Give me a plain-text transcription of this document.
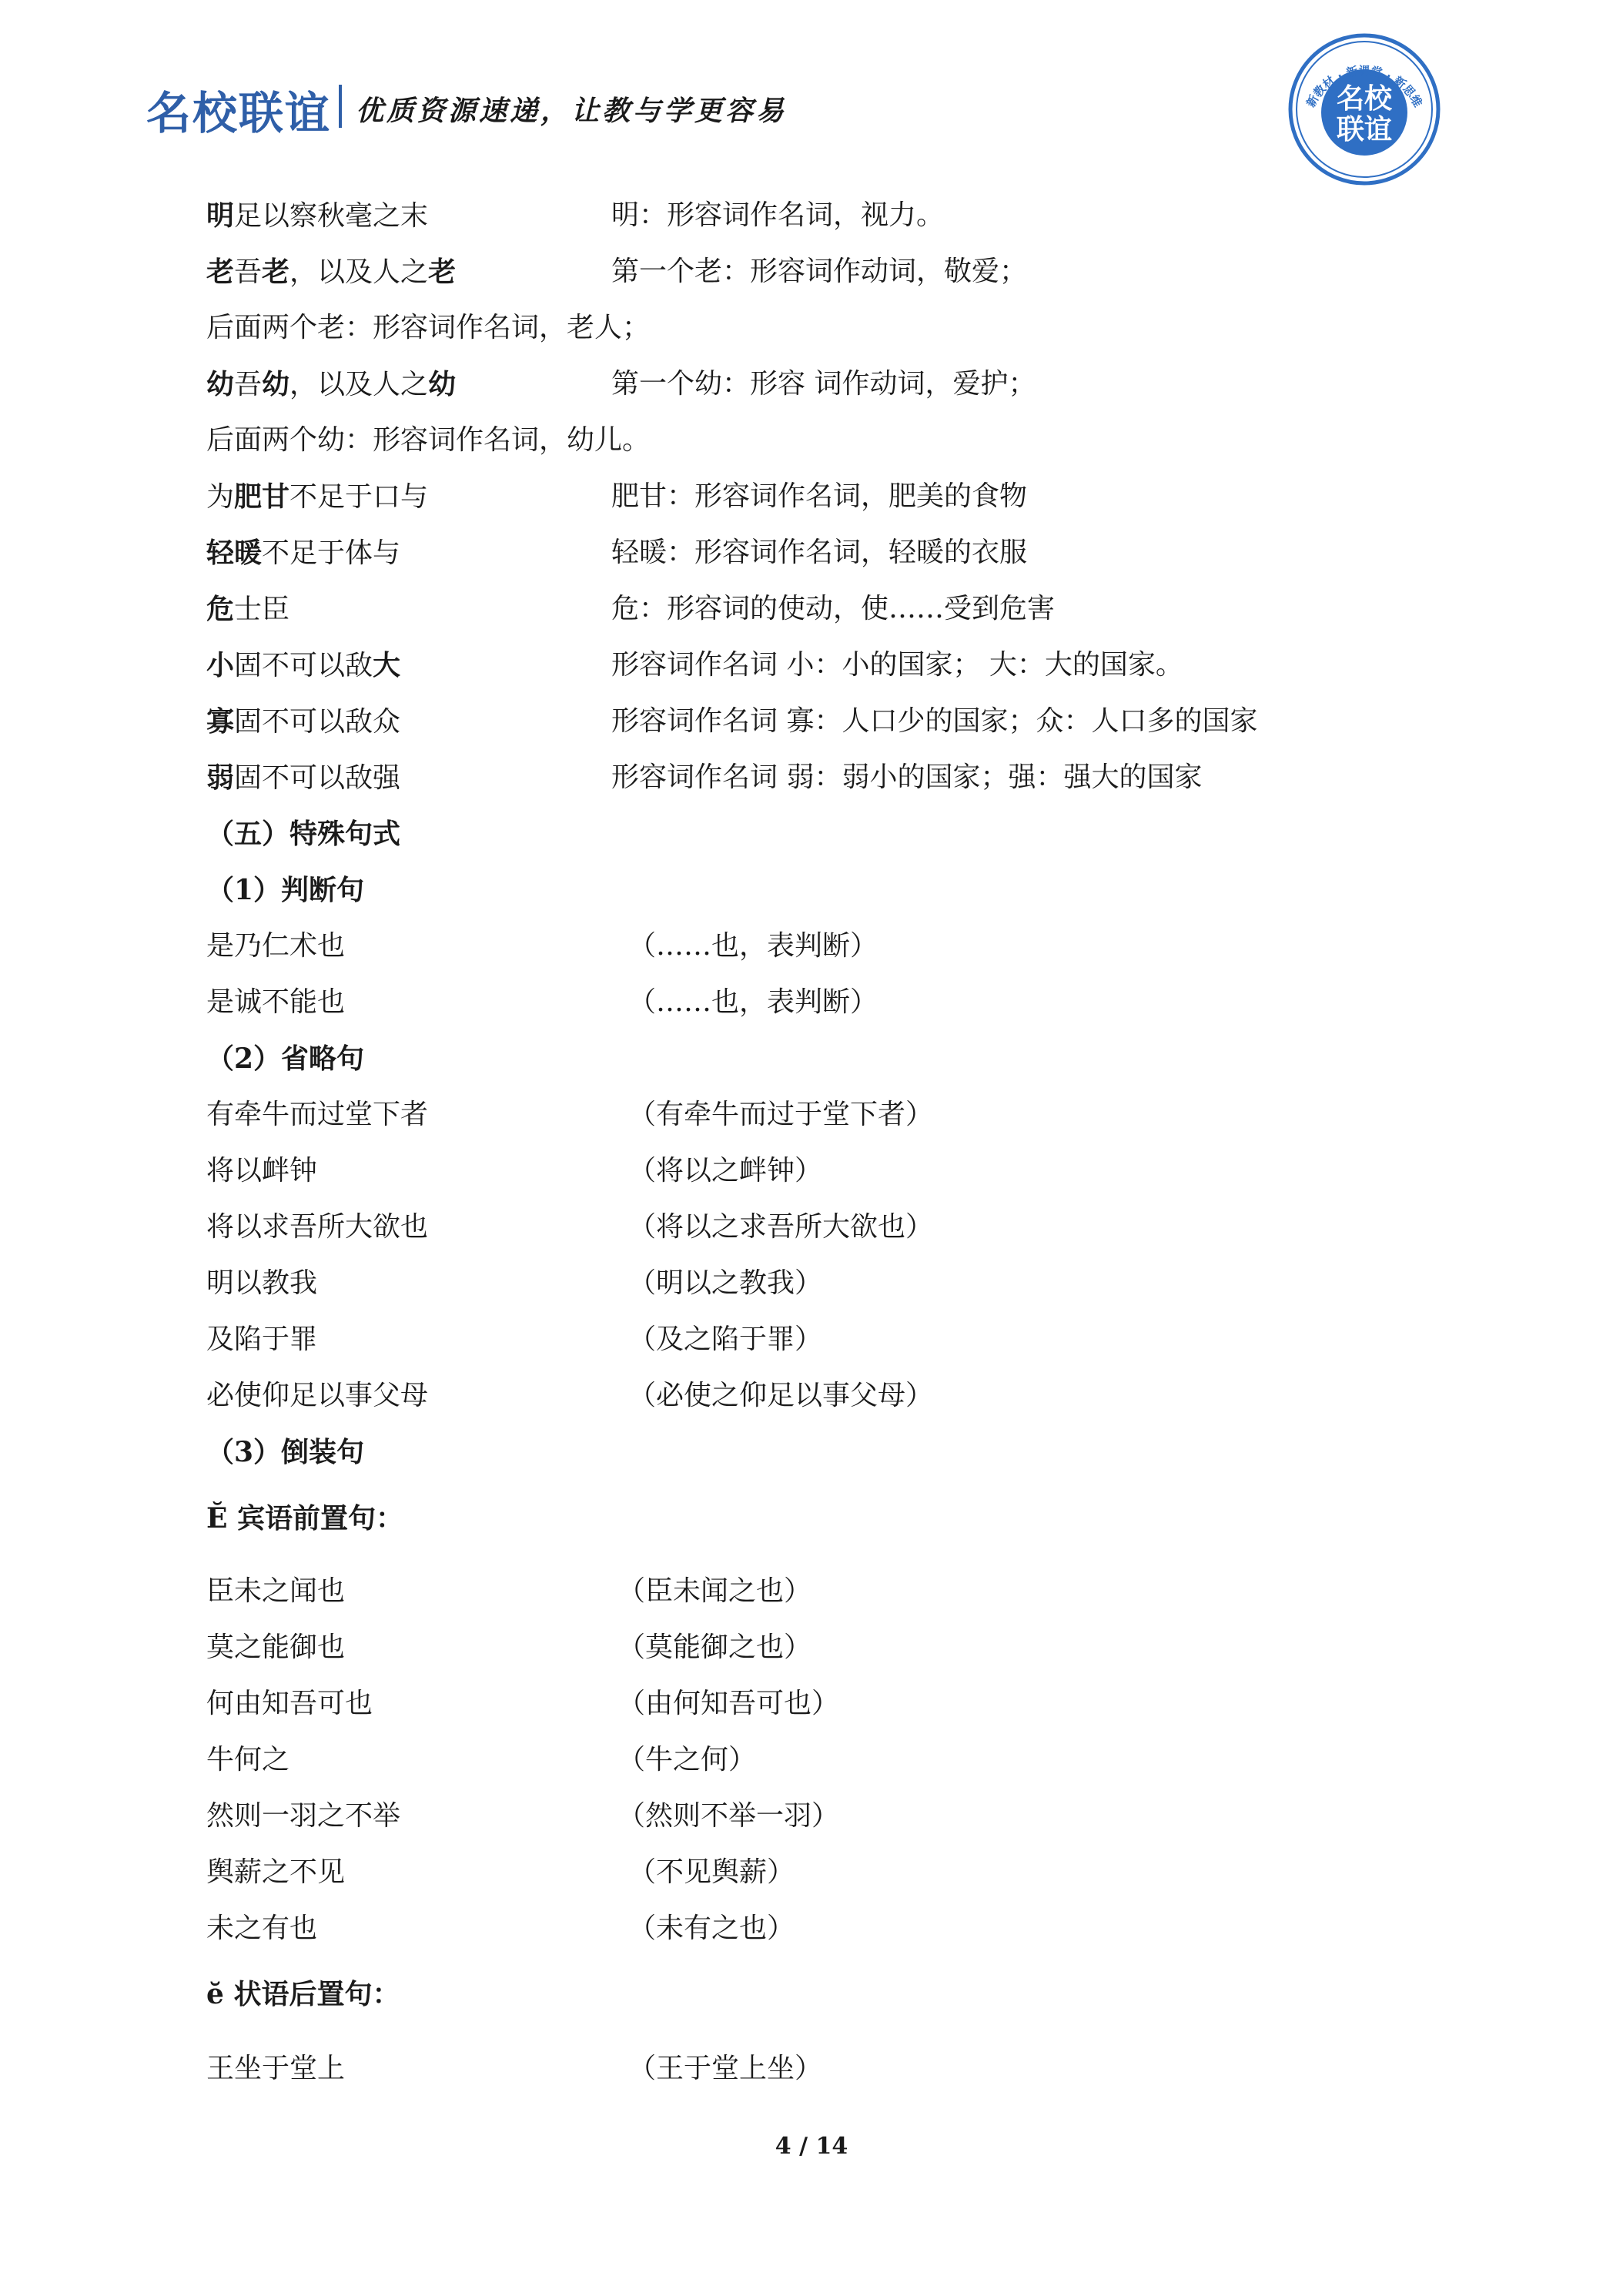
名校联谊 优质资源速递，让教与学更容易	新教材 · 新课堂 · 新思维
名校
联谊
明足以察秋毫之末	明：形容词作名词，视力。
老吾老，以及人之老	第一个老：形容词作动词，敬爱；
后面两个老：形容词作名词，老人；
幼吾幼，以及人之幼	第一个幼：形容 词作动词，爱护；
后面两个幼：形容词作名词，幼儿。
为肥甘不足于口与	肥甘：形容词作名词，肥美的食物
轻暖不足于体与	轻暖：形容词作名词，轻暖的衣服
危士臣	危：形容词的使动，使……受到危害
小固不可以敌大	形容词作名词 小：小的国家； 大：大的国家。
寡固不可以敌众	形容词作名词 寡：人口少的国家；众：人口多的国家
弱固不可以敌强	形容词作名词 弱：弱小的国家；强：强大的国家
（五）特殊句式
（1）判断句
是乃仁术也	（……也，表判断）
是诚不能也	（……也，表判断）
（2）省略句
有牵牛而过堂下者	（有牵牛而过于堂下者）
将以衅钟	（将以之衅钟）
将以求吾所大欲也	（将以之求吾所大欲也）
明以教我	（明以之教我）
及陷于罪	（及之陷于罪）
必使仰足以事父母	（必使之仰足以事父母）
（3）倒装句
Ĕ 宾语前置句：
臣未之闻也	（臣未闻之也）
莫之能御也	（莫能御之也）
何由知吾可也	（由何知吾可也）
牛何之	（牛之何）
然则一羽之不举	（然则不举一羽）
舆薪之不见	（不见舆薪）
未之有也	（未有之也）
ĕ 状语后置句：
王坐于堂上	（王于堂上坐）
4 / 14
